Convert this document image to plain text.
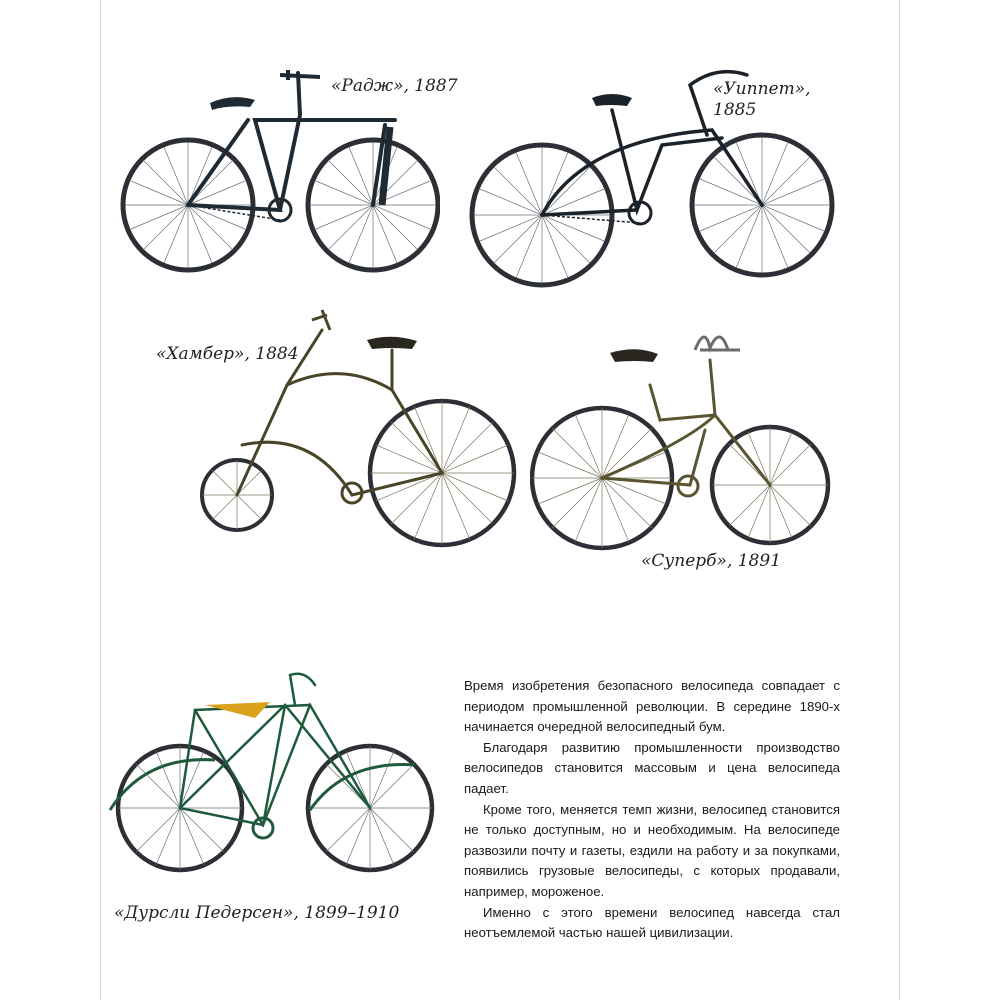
«Радж», 1887	«Уиппет»,
1885
«Хамбер», 1884
«Суперб», 1891
«Дурсли Педерсен», 1899–1910

Время изобретения безопасного велосипеда совпадает с периодом промышленной революции. В середине 1890-х начинается очередной велосипедный бум.

Благодаря развитию промышленности производство велосипедов становится массовым и цена велосипеда падает.

Кроме того, меняется темп жизни, велосипед становится не только доступным, но и необходимым. На велосипеде развозили почту и газеты, ездили на работу и за покупками, появились грузовые велосипеды, с которых продавали, например, мороженое.

Именно с этого времени велосипед навсегда стал неотъемлемой частью нашей цивилизации.
